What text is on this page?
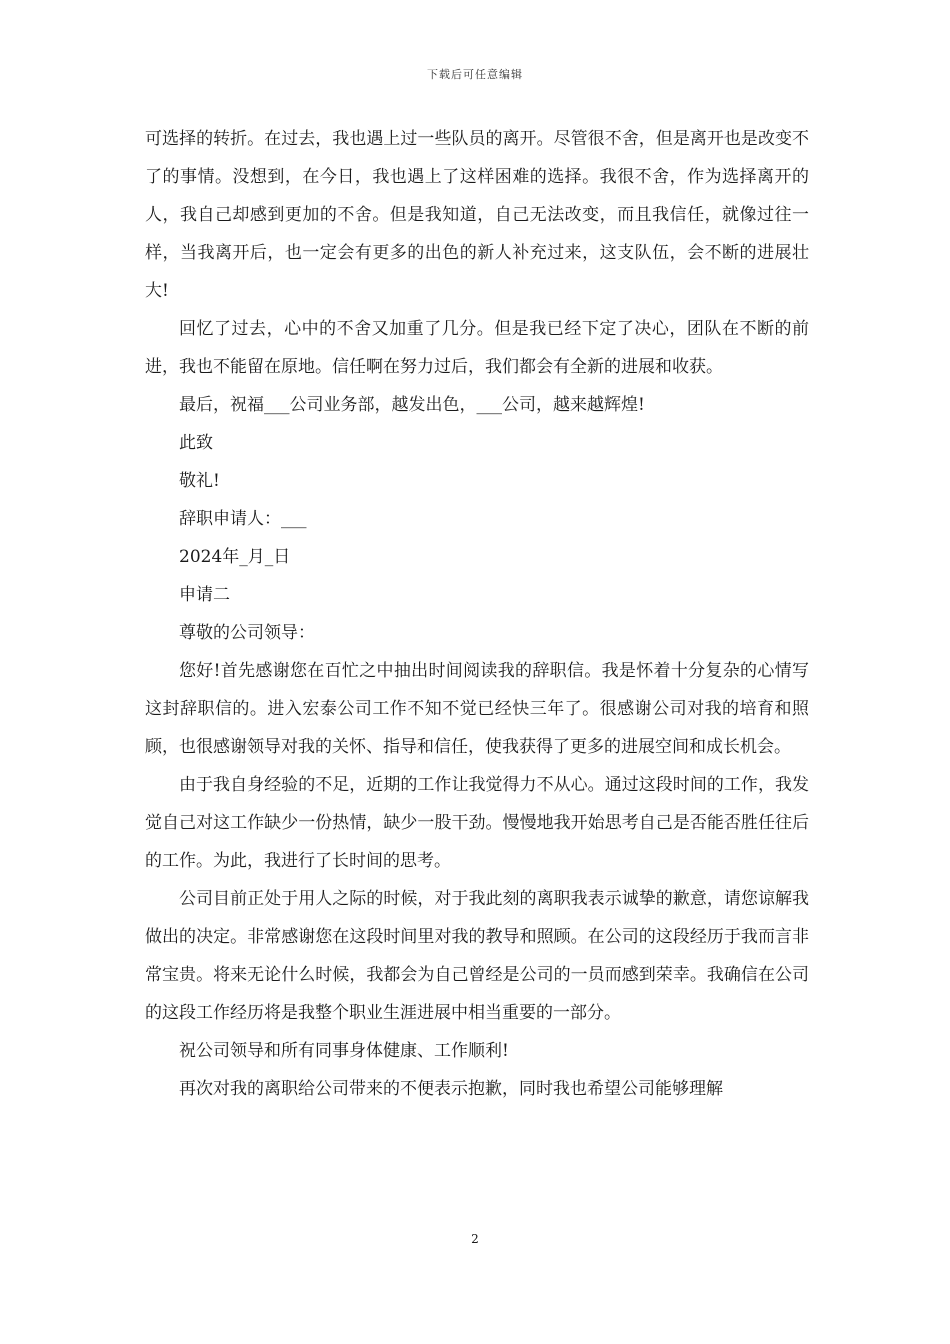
下载后可任意编辑

可选择的转折。在过去，我也遇上过一些队员的离开。尽管很不舍，但是离开也是改变不了的事情。没想到，在今日，我也遇上了这样困难的选择。我很不舍，作为选择离开的人，我自己却感到更加的不舍。但是我知道，自己无法改变，而且我信任，就像过往一样，当我离开后，也一定会有更多的出色的新人补充过来，这支队伍，会不断的进展壮大!

回忆了过去，心中的不舍又加重了几分。但是我已经下定了决心，团队在不断的前进，我也不能留在原地。信任啊在努力过后，我们都会有全新的进展和收获。

最后，祝福___公司业务部，越发出色，___公司，越来越辉煌!

此致

敬礼!

辞职申请人：___

2024年_月_日

申请二

尊敬的公司领导：

您好!首先感谢您在百忙之中抽出时间阅读我的辞职信。我是怀着十分复杂的心情写这封辞职信的。进入宏泰公司工作不知不觉已经快三年了。很感谢公司对我的培育和照顾，也很感谢领导对我的关怀、指导和信任，使我获得了更多的进展空间和成长机会。

由于我自身经验的不足，近期的工作让我觉得力不从心。通过这段时间的工作，我发觉自己对这工作缺少一份热情，缺少一股干劲。慢慢地我开始思考自己是否能否胜任往后的工作。为此，我进行了长时间的思考。

公司目前正处于用人之际的时候，对于我此刻的离职我表示诚挚的歉意，请您谅解我做出的决定。非常感谢您在这段时间里对我的教导和照顾。在公司的这段经历于我而言非常宝贵。将来无论什么时候，我都会为自己曾经是公司的一员而感到荣幸。我确信在公司的这段工作经历将是我整个职业生涯进展中相当重要的一部分。

祝公司领导和所有同事身体健康、工作顺利!

再次对我的离职给公司带来的不便表示抱歉，同时我也希望公司能够理解

2
